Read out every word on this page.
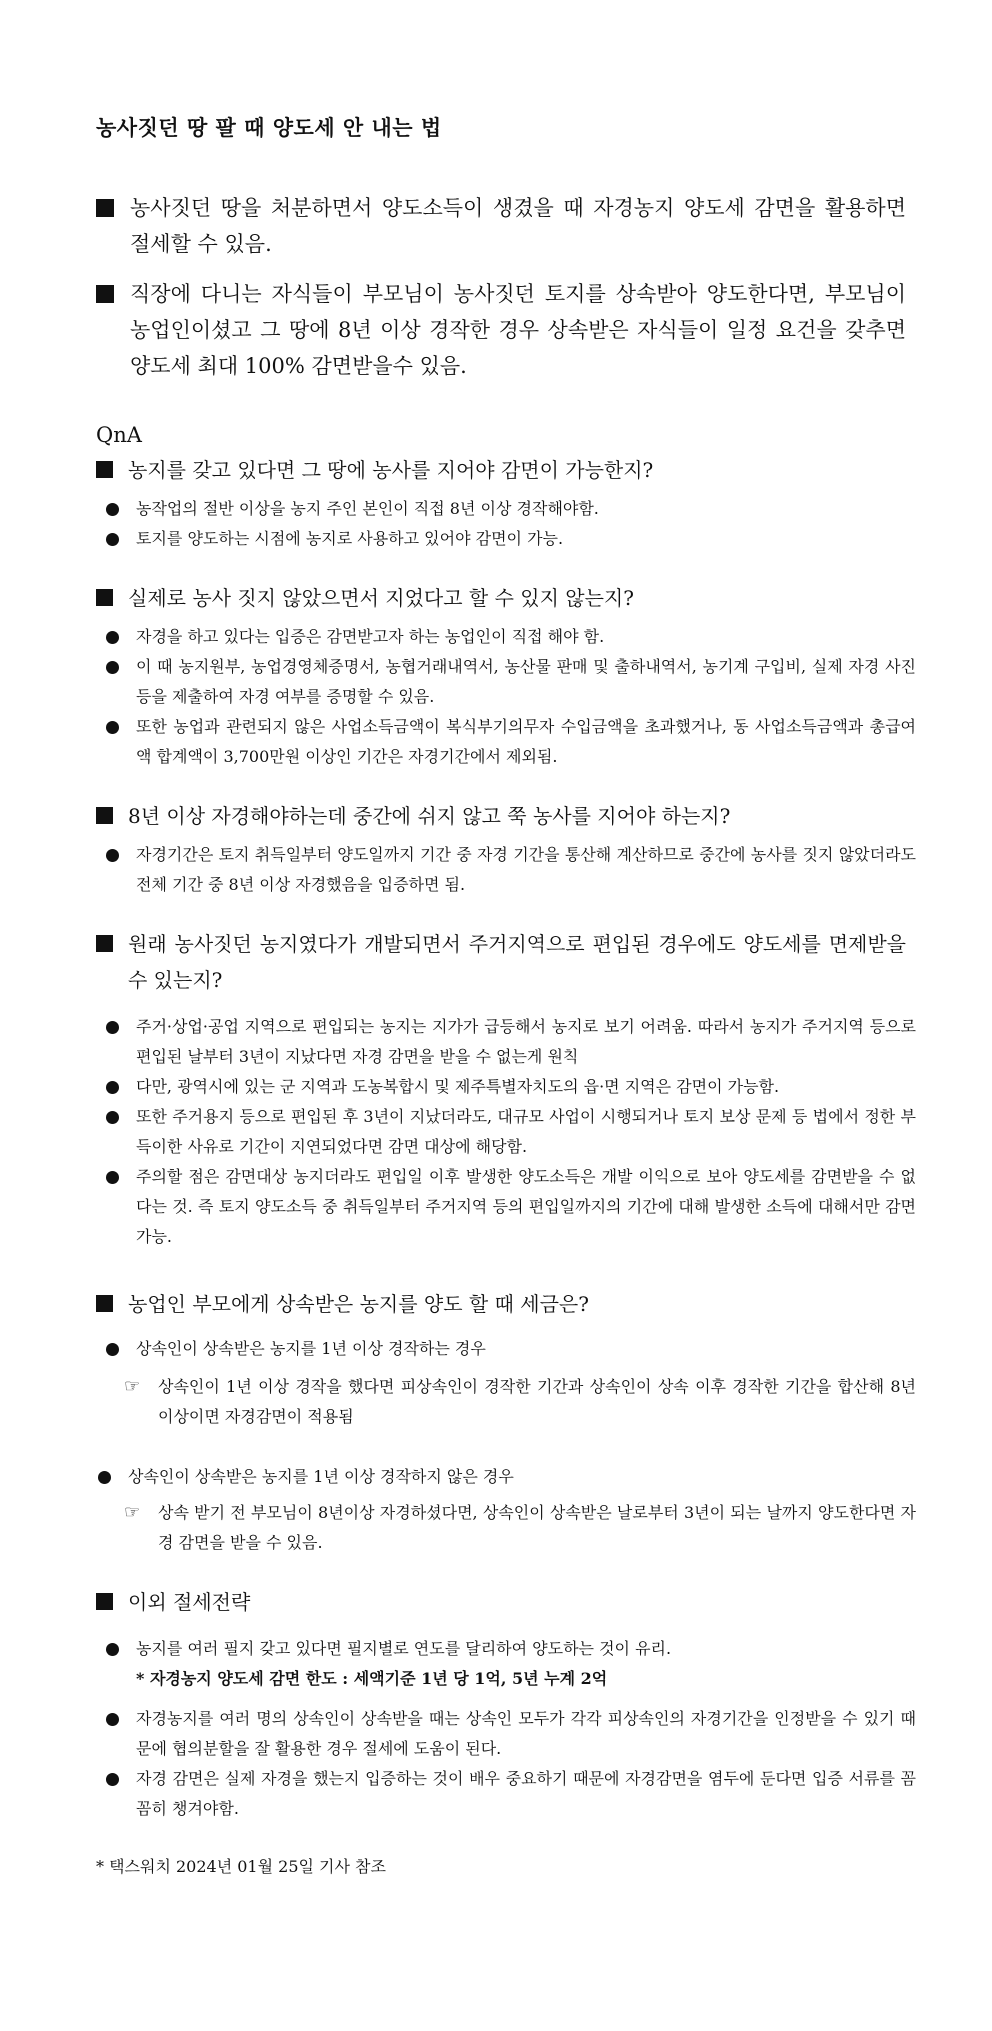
농사짓던 땅 팔 때 양도세 안 내는 법
농사짓던 땅을 처분하면서 양도소득이 생겼을 때 자경농지 양도세 감면을 활용하면 절세할 수 있음.
직장에 다니는 자식들이 부모님이 농사짓던 토지를 상속받아 양도한다면, 부모님이 농업인이셨고 그 땅에 8년 이상 경작한 경우 상속받은 자식들이 일정 요건을 갖추면 양도세 최대 100% 감면받을수 있음.
QnA
농지를 갖고 있다면 그 땅에 농사를 지어야 감면이 가능한지?
농작업의 절반 이상을 농지 주인 본인이 직접 8년 이상 경작해야함.
토지를 양도하는 시점에 농지로 사용하고 있어야 감면이 가능.
실제로 농사 짓지 않았으면서 지었다고 할 수 있지 않는지?
자경을 하고 있다는 입증은 감면받고자 하는 농업인이 직접 해야 함.
이 때 농지원부, 농업경영체증명서, 농협거래내역서, 농산물 판매 및 출하내역서, 농기계 구입비, 실제 자경 사진 등을 제출하여 자경 여부를 증명할 수 있음.
또한 농업과 관련되지 않은 사업소득금액이 복식부기의무자 수입금액을 초과했거나, 동 사업소득금액과 총급여액 합계액이 3,700만원 이상인 기간은 자경기간에서 제외됨.
8년 이상 자경해야하는데 중간에 쉬지 않고 쭉 농사를 지어야 하는지?
자경기간은 토지 취득일부터 양도일까지 기간 중 자경 기간을 통산해 계산하므로 중간에 농사를 짓지 않았더라도 전체 기간 중 8년 이상 자경했음을 입증하면 됨.
원래 농사짓던 농지였다가 개발되면서 주거지역으로 편입된 경우에도 양도세를 면제받을 수 있는지?
주거·상업·공업 지역으로 편입되는 농지는 지가가 급등해서 농지로 보기 어려움. 따라서 농지가 주거지역 등으로 편입된 날부터 3년이 지났다면 자경 감면을 받을 수 없는게 원칙
다만, 광역시에 있는 군 지역과 도농복합시 및 제주특별자치도의 읍·면 지역은 감면이 가능함.
또한 주거용지 등으로 편입된 후 3년이 지났더라도, 대규모 사업이 시행되거나 토지 보상 문제 등 법에서 정한 부득이한 사유로 기간이 지연되었다면 감면 대상에 해당함.
주의할 점은 감면대상 농지더라도 편입일 이후 발생한 양도소득은 개발 이익으로 보아 양도세를 감면받을 수 없다는 것. 즉 토지 양도소득 중 취득일부터 주거지역 등의 편입일까지의 기간에 대해 발생한 소득에 대해서만 감면 가능.
농업인 부모에게 상속받은 농지를 양도 할 때 세금은?
상속인이 상속받은 농지를 1년 이상 경작하는 경우
☞ 상속인이 1년 이상 경작을 했다면 피상속인이 경작한 기간과 상속인이 상속 이후 경작한 기간을 합산해 8년 이상이면 자경감면이 적용됨
상속인이 상속받은 농지를 1년 이상 경작하지 않은 경우
☞ 상속 받기 전 부모님이 8년이상 자경하셨다면, 상속인이 상속받은 날로부터 3년이 되는 날까지 양도한다면 자경 감면을 받을 수 있음.
이외 절세전략
농지를 여러 필지 갖고 있다면 필지별로 연도를 달리하여 양도하는 것이 유리.
* 자경농지 양도세 감면 한도 : 세액기준 1년 당 1억, 5년 누계 2억
자경농지를 여러 명의 상속인이 상속받을 때는 상속인 모두가 각각 피상속인의 자경기간을 인정받을 수 있기 때문에 협의분할을 잘 활용한 경우 절세에 도움이 된다.
자경 감면은 실제 자경을 했는지 입증하는 것이 배우 중요하기 때문에 자경감면을 염두에 둔다면 입증 서류를 꼼꼼히 챙겨야함.
* 택스워치 2024년 01월 25일 기사 참조
